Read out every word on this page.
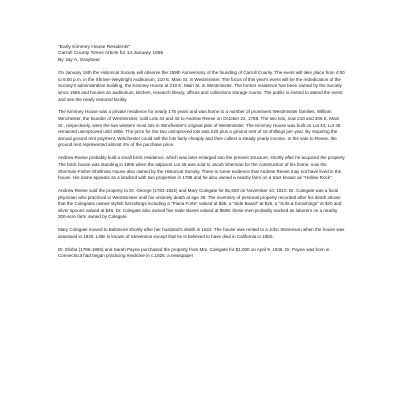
"Early Kimmey House Residents"
Carroll County Times Article for 14 January 1996
By Jay A. Graybeal

On January 19th the Historical Society will observe the 159th Anniversary of the founding of Carroll County. The event will take place from 4:00 to 6:00 p.m. in the Shriver-Weybright Auditorium, 210 E. Main St. in Westminster. The focus of this year's event will be the rededication of the Society's administrative building, the Kimmey House at 210 E. Main St. in Westminster. The former residence has been owned by the Society since 1966 and houses an auditorium, kitchen, research library, offices and collections storage rooms. The public is invited to attend the event and see the newly restored facility.

The Kimmey House was a private residence for nearly 175 years and was home to a number of prominent Westminster families. William Winchester, the founder of Westminster, sold Lots 44 and 45 to Andrew Reese on October 22, 1788. The two lots, now 210 and 206 E. Main St., respectively, were the two western most lots in Winchester's original plan of Westminster. The Kimmey House was built on Lot 44; Lot 45 remained unimproved until 1806. The price for the two unimproved lots was £20 plus a ground rent of 15 shillings per year. By requiring the annual ground rent payment, Winchester could sell the lots fairly cheaply and then collect a steady yearly income. In the sale to Reese, the ground rent represented almost 4% of the purchase price.

Andrew Reese probably built a small brick residence, which was later enlarged into the present structure, shortly after he acquired the property. The brick house was standing in 1806 when the adjacent Lot 45 was sold to Jacob Sherman for the construction of his home, now the Sherman-Fisher-Shellman House also owned by the Historical Society. There is some evidence that Andrew Reese may not have lived in the house. His name appears as a landlord with two properties in 1798 and he also owned a nearby farm on a tract known as "Hollow Rock".

Andrew Reese sold the property to Dr. George (1783-1822) and Mary Colegate for $1,600 on November 10, 1810. Dr. Colegate was a local physician who practiced in Westminster until his untimely death at age 39. The inventory of personal property recorded after his death shows that the Colegates owned stylish furnishings including a "Piana Forte" valued at $35, a "Side Board" at $25, a "Sofa & furnishings" at $20 and silver spoons valued at $46. Dr. Colegate also owned five male slaves valued at $585; these men probably worked as laborers on a nearby 300-acre farm owned by Colegate.

Mary Colegate moved to Baltimore shortly after her husband's death in 1822. The house was rented to a John Stevenson when the house was assessed in 1825. Little is known of Stevenson except that he is believed to have died in California in 1850.

Dr. Elisha (1796-1855) and Sarah Payne purchased the property from Mrs. Colegate for $1,000 on April 9, 1846. Dr. Payne was born in Connecticut had began practicing medicine in c.1825; a newspaper
